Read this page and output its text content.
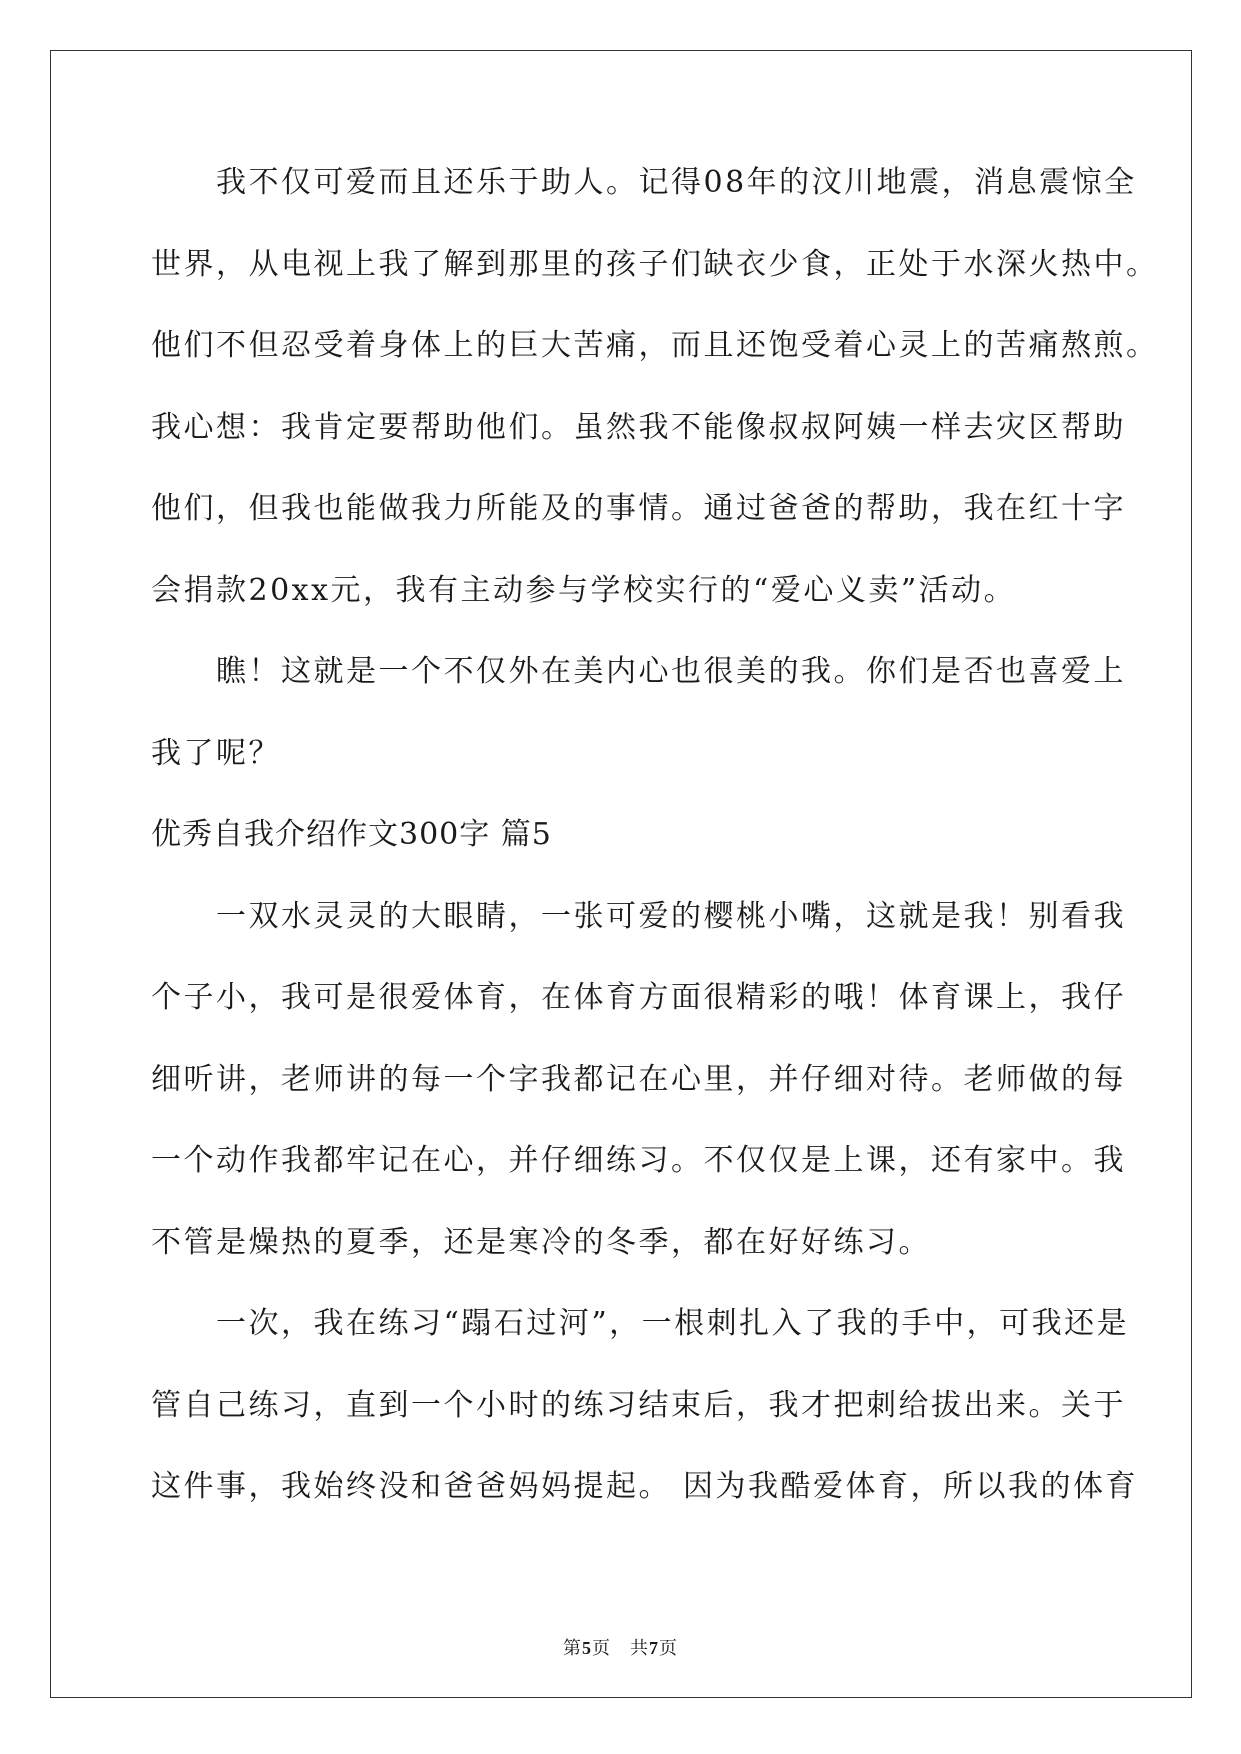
　　我不仅可爱而且还乐于助人。记得08年的汶川地震，消息震惊全
世界，从电视上我了解到那里的孩子们缺衣少食，正处于水深火热中。
他们不但忍受着身体上的巨大苦痛，而且还饱受着心灵上的苦痛熬煎。
我心想：我肯定要帮助他们。虽然我不能像叔叔阿姨一样去灾区帮助
他们，但我也能做我力所能及的事情。通过爸爸的帮助，我在红十字
会捐款20xx元，我有主动参与学校实行的“爱心义卖”活动。
　　瞧！这就是一个不仅外在美内心也很美的我。你们是否也喜爱上
我了呢？
优秀自我介绍作文300字 篇5
　　一双水灵灵的大眼睛，一张可爱的樱桃小嘴，这就是我！别看我
个子小，我可是很爱体育，在体育方面很精彩的哦！体育课上，我仔
细听讲，老师讲的每一个字我都记在心里，并仔细对待。老师做的每
一个动作我都牢记在心，并仔细练习。不仅仅是上课，还有家中。我
不管是燥热的夏季，还是寒冷的冬季，都在好好练习。
　　一次，我在练习“蹋石过河”，一根刺扎入了我的手中，可我还是
管自己练习，直到一个小时的练习结束后，我才把刺给拔出来。关于
这件事，我始终没和爸爸妈妈提起。 因为我酷爱体育，所以我的体育
第5页　共7页
